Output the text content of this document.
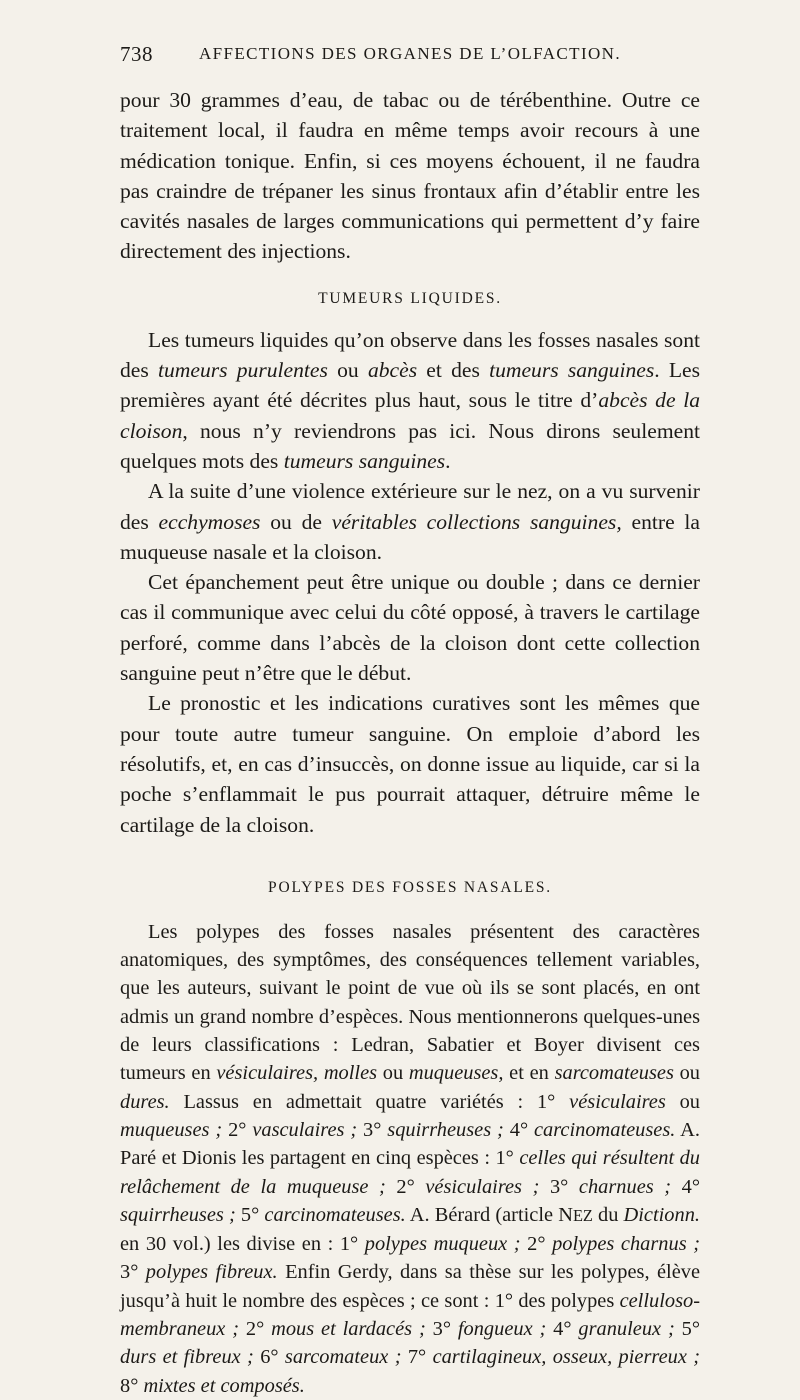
738	AFFECTIONS DES ORGANES DE L’OLFACTION.

pour 30 grammes d’eau, de tabac ou de térébenthine. Outre ce traitement local, il faudra en même temps avoir recours à une médication tonique. Enfin, si ces moyens échouent, il ne faudra pas craindre de trépaner les sinus frontaux afin d’établir entre les cavités nasales de larges communications qui permettent d’y faire directement des injections.

TUMEURS LIQUIDES.

Les tumeurs liquides qu’on observe dans les fosses nasales sont des tumeurs purulentes ou abcès et des tumeurs sanguines. Les premières ayant été décrites plus haut, sous le titre d’abcès de la cloison, nous n’y reviendrons pas ici. Nous dirons seulement quelques mots des tumeurs sanguines.

A la suite d’une violence extérieure sur le nez, on a vu survenir des ecchymoses ou de véritables collections sanguines, entre la muqueuse nasale et la cloison.

Cet épanchement peut être unique ou double ; dans ce dernier cas il communique avec celui du côté opposé, à travers le cartilage perforé, comme dans l’abcès de la cloison dont cette collection sanguine peut n’être que le début.

Le pronostic et les indications curatives sont les mêmes que pour toute autre tumeur sanguine. On emploie d’abord les résolutifs, et, en cas d’insuccès, on donne issue au liquide, car si la poche s’enflammait le pus pourrait attaquer, détruire même le cartilage de la cloison.

POLYPES DES FOSSES NASALES.

Les polypes des fosses nasales présentent des caractères anatomiques, des symptômes, des conséquences tellement variables, que les auteurs, suivant le point de vue où ils se sont placés, en ont admis un grand nombre d’espèces. Nous mentionnerons quelques-unes de leurs classifications : Ledran, Sabatier et Boyer divisent ces tumeurs en vésiculaires, molles ou muqueuses, et en sarcomateuses ou dures. Lassus en admettait quatre variétés : 1° vésiculaires ou muqueuses ; 2° vasculaires ; 3° squirrheuses ; 4° carcinomateuses. A. Paré et Dionis les partagent en cinq espèces : 1° celles qui résultent du relâchement de la muqueuse ; 2° vésiculaires ; 3° charnues ; 4° squirrheuses ; 5° carcinomateuses. A. Bérard (article NEZ du Dictionn. en 30 vol.) les divise en : 1° polypes muqueux ; 2° polypes charnus ; 3° polypes fibreux. Enfin Gerdy, dans sa thèse sur les polypes, élève jusqu’à huit le nombre des espèces ; ce sont : 1° des polypes celluloso-membraneux ; 2° mous et lardacés ; 3° fongueux ; 4° granuleux ; 5° durs et fibreux ; 6° sarcomateux ; 7° cartilagineux, osseux, pierreux ; 8° mixtes et composés.
